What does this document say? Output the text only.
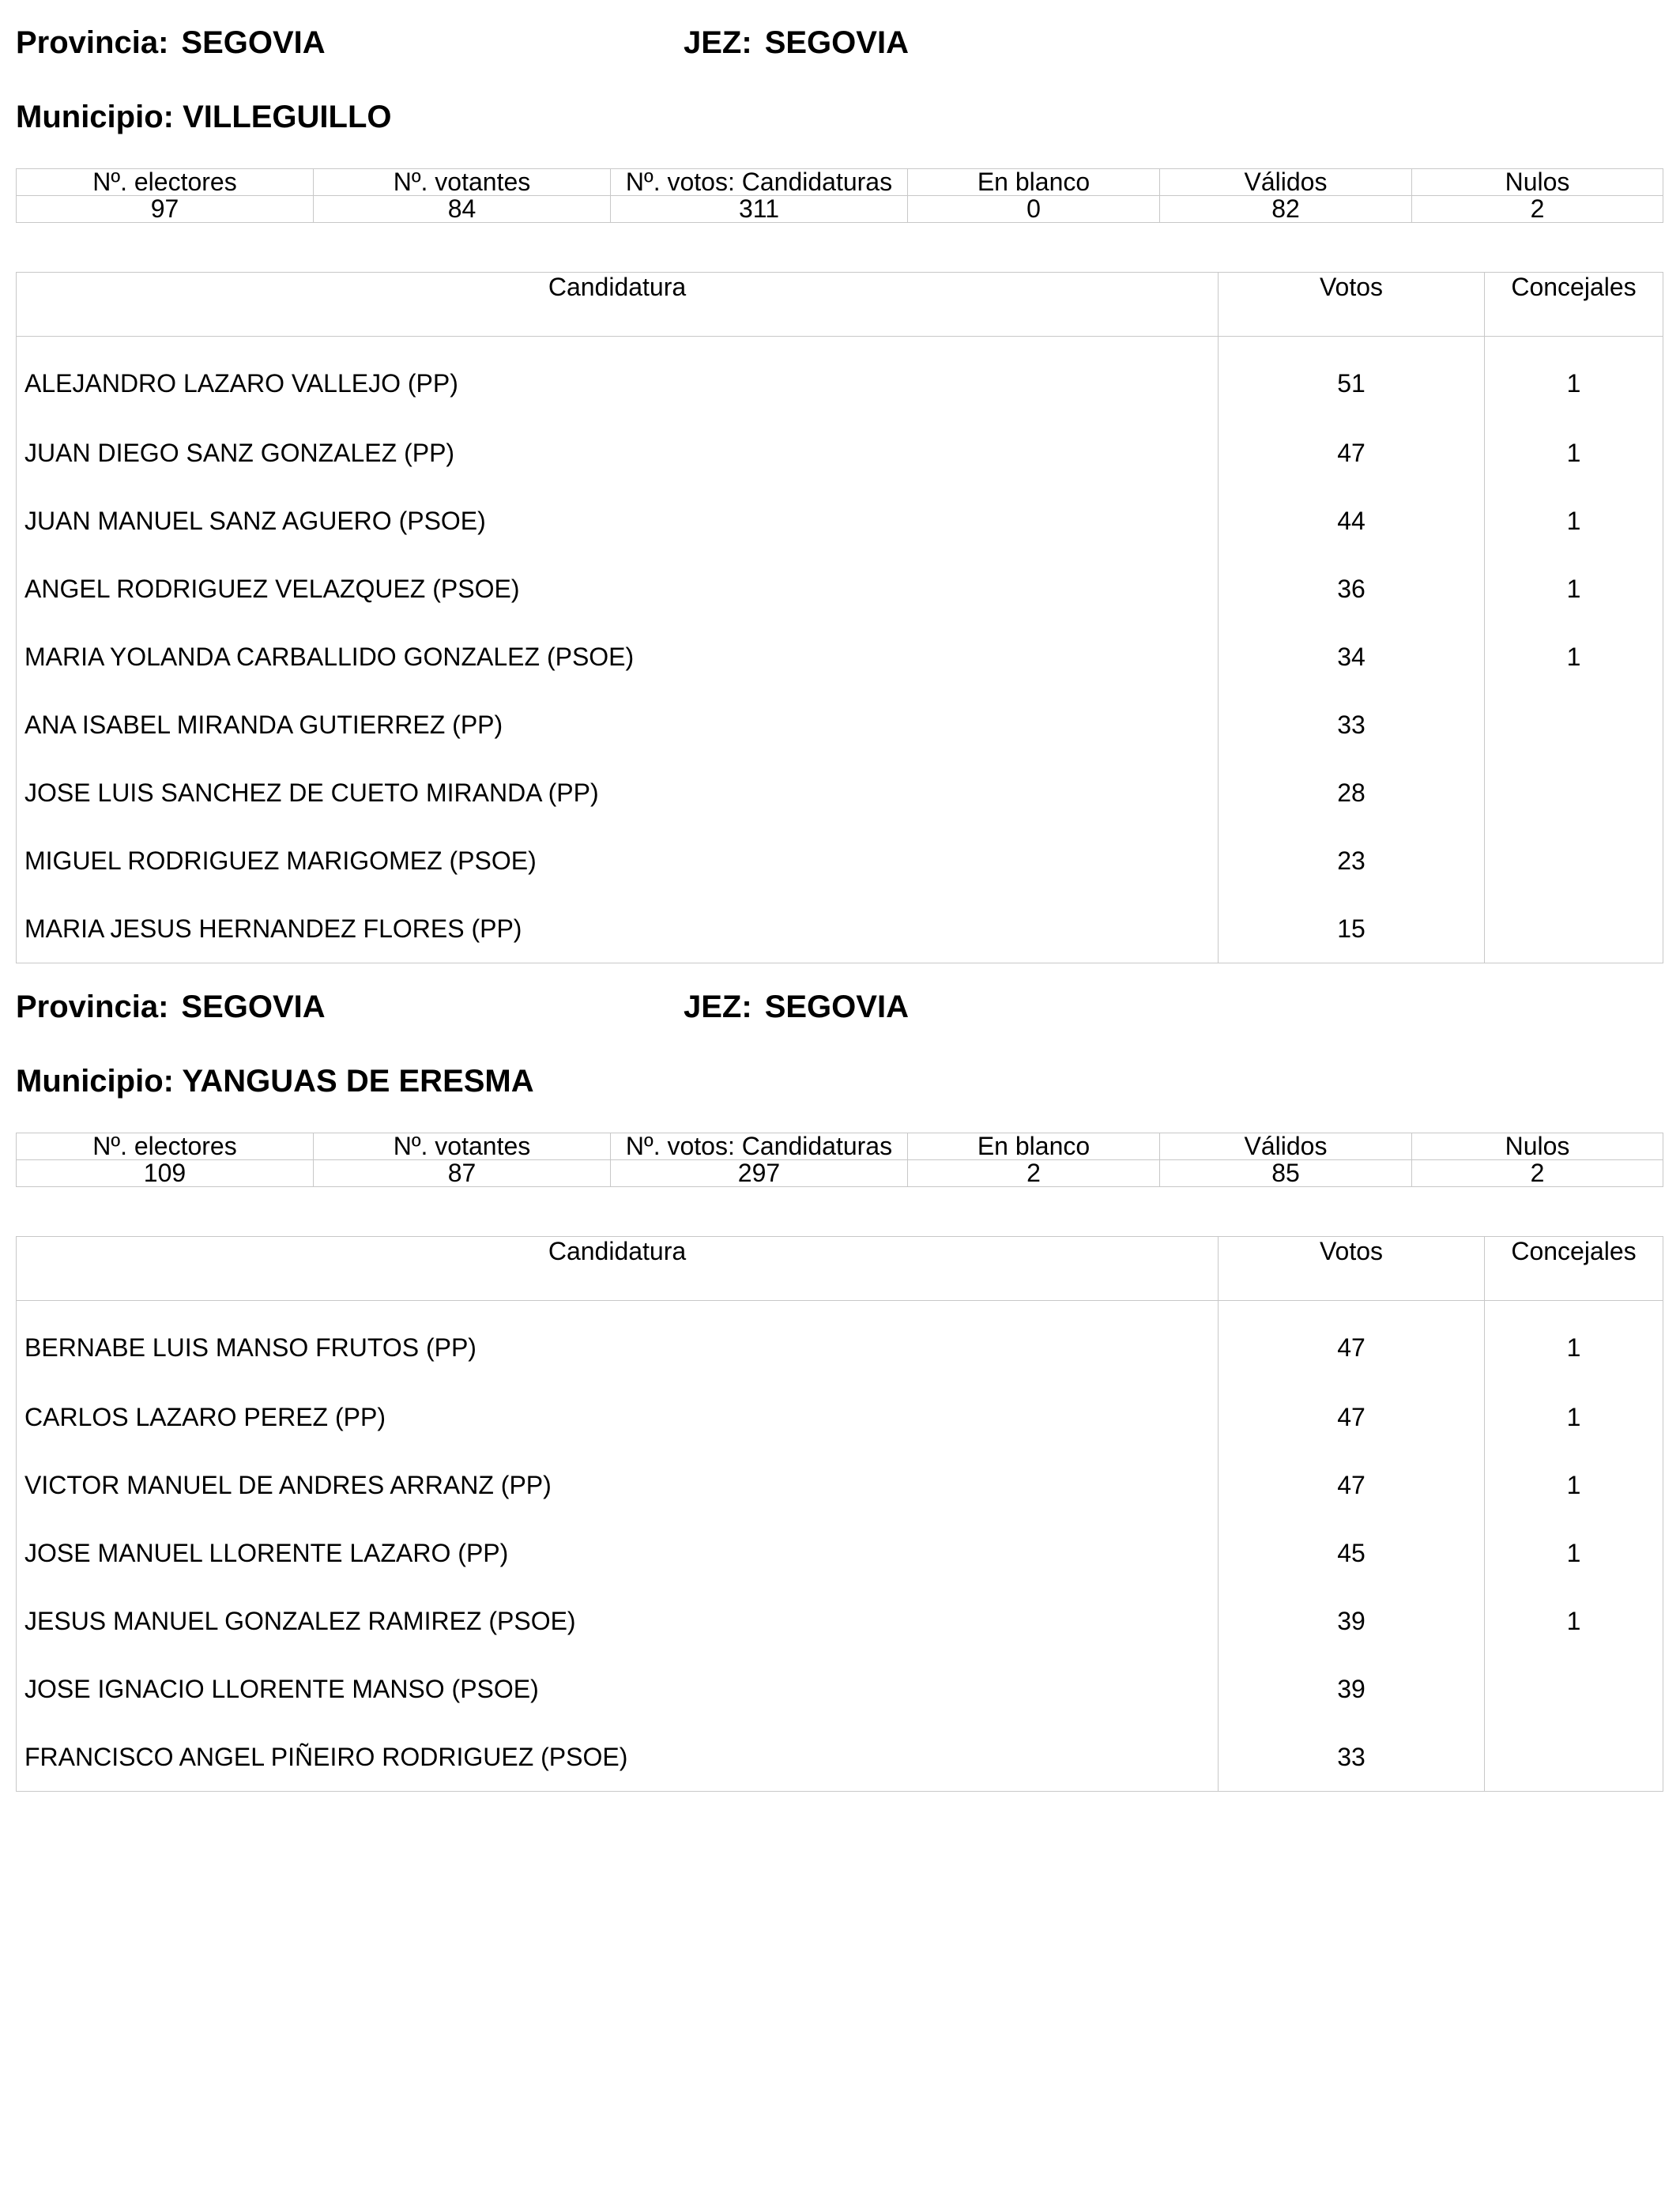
Provincia: SEGOVIA	JEZ: SEGOVIA
Municipio: VILLEGUILLO
Nº. electores	Nº. votantes	Nº. votos: Candidaturas	En blanco	Válidos	Nulos
97	84	311	0	82	2
Candidatura	Votos	Concejales
ALEJANDRO LAZARO VALLEJO (PP)	51	1
JUAN DIEGO SANZ GONZALEZ (PP)	47	1
JUAN MANUEL SANZ AGUERO (PSOE)	44	1
ANGEL RODRIGUEZ VELAZQUEZ (PSOE)	36	1
MARIA YOLANDA CARBALLIDO GONZALEZ (PSOE)	34	1
ANA ISABEL MIRANDA GUTIERREZ (PP)	33	
JOSE LUIS SANCHEZ DE CUETO MIRANDA (PP)	28	
MIGUEL RODRIGUEZ MARIGOMEZ (PSOE)	23	
MARIA JESUS HERNANDEZ FLORES (PP)	15	
Provincia: SEGOVIA	JEZ: SEGOVIA
Municipio: YANGUAS DE ERESMA
Nº. electores	Nº. votantes	Nº. votos: Candidaturas	En blanco	Válidos	Nulos
109	87	297	2	85	2
Candidatura	Votos	Concejales
BERNABE LUIS MANSO FRUTOS (PP)	47	1
CARLOS LAZARO PEREZ (PP)	47	1
VICTOR MANUEL DE ANDRES ARRANZ (PP)	47	1
JOSE MANUEL LLORENTE LAZARO (PP)	45	1
JESUS MANUEL GONZALEZ RAMIREZ (PSOE)	39	1
JOSE IGNACIO LLORENTE MANSO (PSOE)	39	
FRANCISCO ANGEL PIÑEIRO RODRIGUEZ (PSOE)	33	
